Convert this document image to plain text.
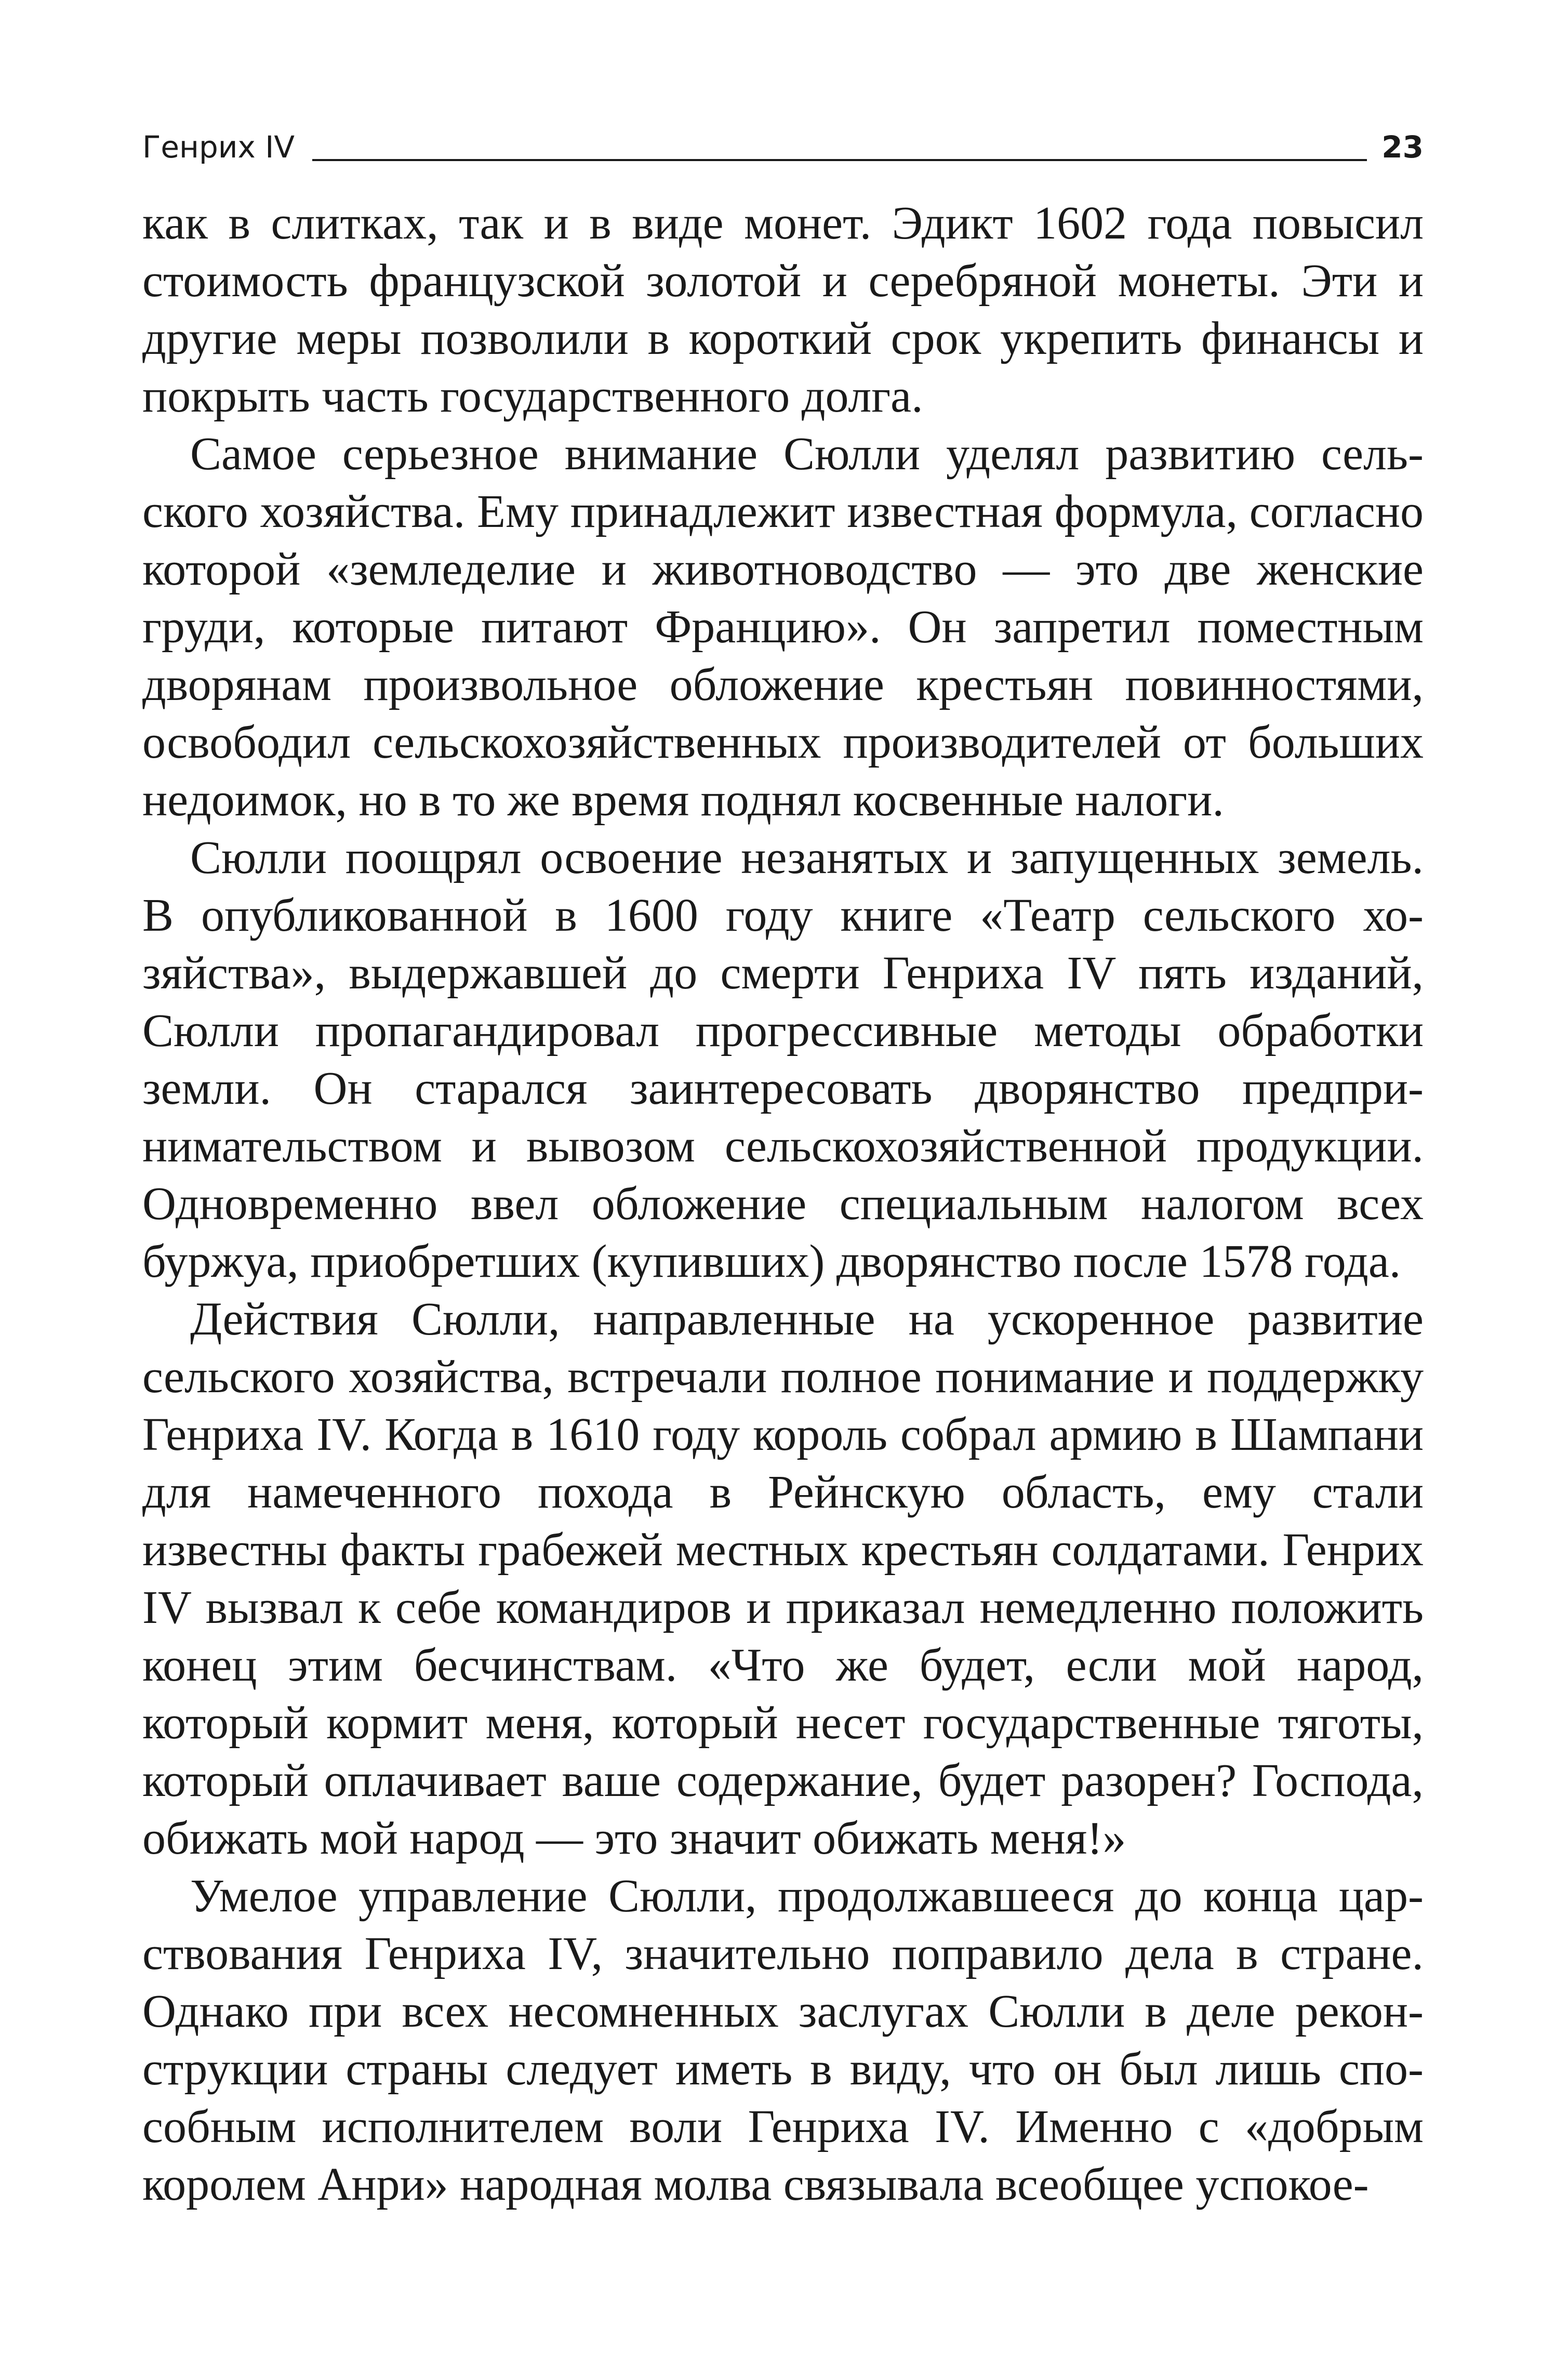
Генрих IV	23

как в слитках, так и в виде монет. Эдикт 1602 года повысил стоимость французской золотой и серебряной монеты. Эти и другие меры позволили в короткий срок укрепить финансы и покрыть часть государственного долга.

Самое серьезное внимание Сюлли уделял развитию сельского хозяйства. Ему принадлежит известная формула, согласно которой «земледелие и животноводство — это две женские груди, которые питают Францию». Он запретил поместным дворянам произвольное обложение крестьян повинностями, освободил сельскохозяйственных производителей от больших недоимок, но в то же время поднял косвенные налоги.

Сюлли поощрял освоение незанятых и запущенных земель. В опубликованной в 1600 году книге «Театр сельского хозяйства», выдержавшей до смерти Генриха IV пять изданий, Сюлли пропагандировал прогрессивные методы обработки земли. Он старался заинтересовать дворянство предпринимательством и вывозом сельскохозяйственной продукции. Одновременно ввел обложение специальным налогом всех буржуа, приобретших (купивших) дворянство после 1578 года.

Действия Сюлли, направленные на ускоренное развитие сельского хозяйства, встречали полное понимание и поддержку Генриха IV. Когда в 1610 году король собрал армию в Шампани для намеченного похода в Рейнскую область, ему стали известны факты грабежей местных крестьян солдатами. Генрих IV вызвал к себе командиров и приказал немедленно положить конец этим бесчинствам. «Что же будет, если мой народ, который кормит меня, который несет государственные тяготы, который оплачивает ваше содержание, будет разорен? Господа, обижать мой народ — это значит обижать меня!»

Умелое управление Сюлли, продолжавшееся до конца царствования Генриха IV, значительно поправило дела в стране. Однако при всех несомненных заслугах Сюлли в деле реконструкции страны следует иметь в виду, что он был лишь способным исполнителем воли Генриха IV. Именно с «добрым королем Анри» народная молва связывала всеобщее успокое-
